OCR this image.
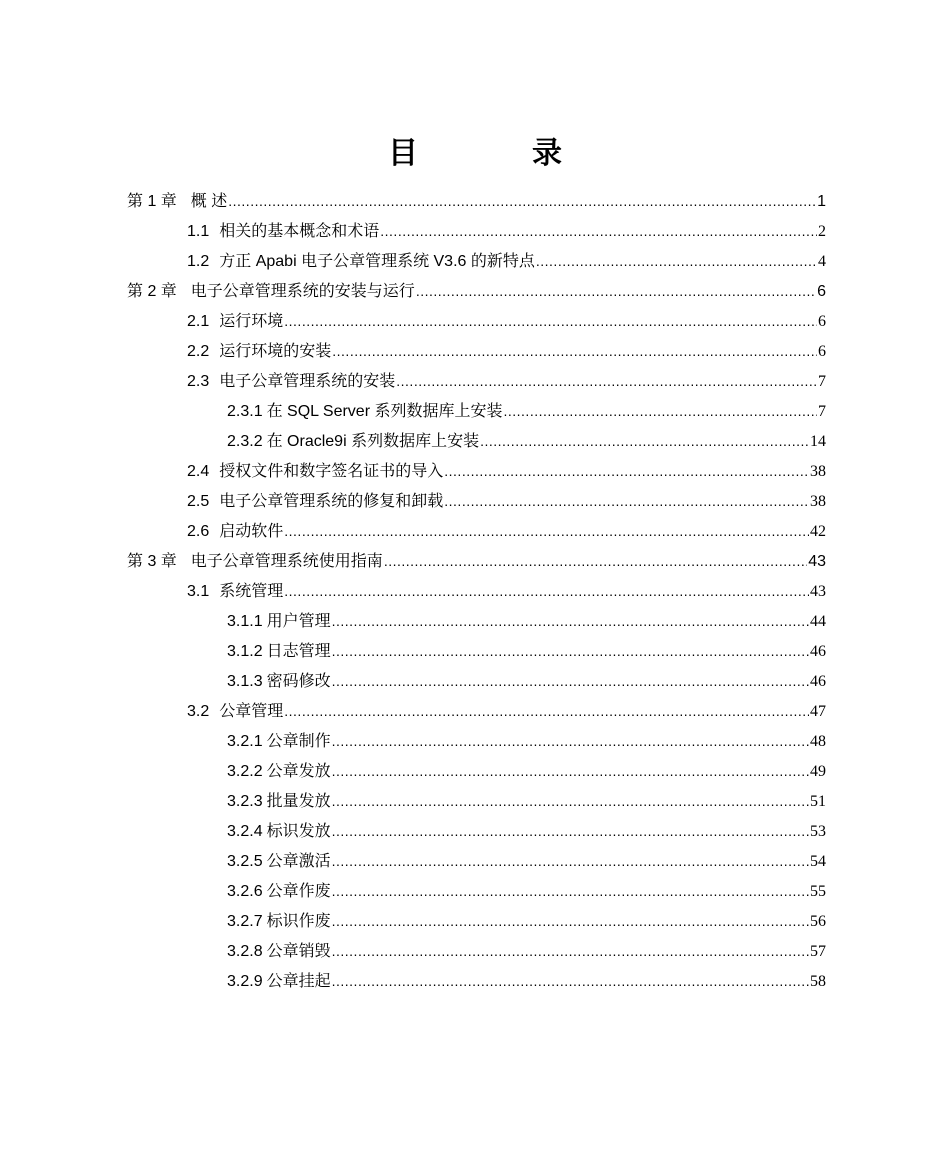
目　录
第 1 章 概 述 .....	1
1.1 相关的基本概念和术语 .....	2
1.2 方正 Apabi 电子公章管理系统 V3.6 的新特点 .....	4
第 2 章 电子公章管理系统的安装与运行 .....	6
2.1 运行环境 .....	6
2.2 运行环境的安装 .....	6
2.3 电子公章管理系统的安装 .....	7
2.3.1 在 SQL Server 系列数据库上安装 .....	7
2.3.2 在 Oracle9i 系列数据库上安装 .....	14
2.4 授权文件和数字签名证书的导入 .....	38
2.5 电子公章管理系统的修复和卸载 .....	38
2.6 启动软件 .....	42
第 3 章 电子公章管理系统使用指南 .....	43
3.1 系统管理 .....	43
3.1.1 用户管理 .....	44
3.1.2 日志管理 .....	46
3.1.3 密码修改 .....	46
3.2 公章管理 .....	47
3.2.1 公章制作 .....	48
3.2.2 公章发放 .....	49
3.2.3 批量发放 .....	51
3.2.4 标识发放 .....	53
3.2.5 公章激活 .....	54
3.2.6 公章作废 .....	55
3.2.7 标识作废 .....	56
3.2.8 公章销毁 .....	57
3.2.9 公章挂起 .....	58
